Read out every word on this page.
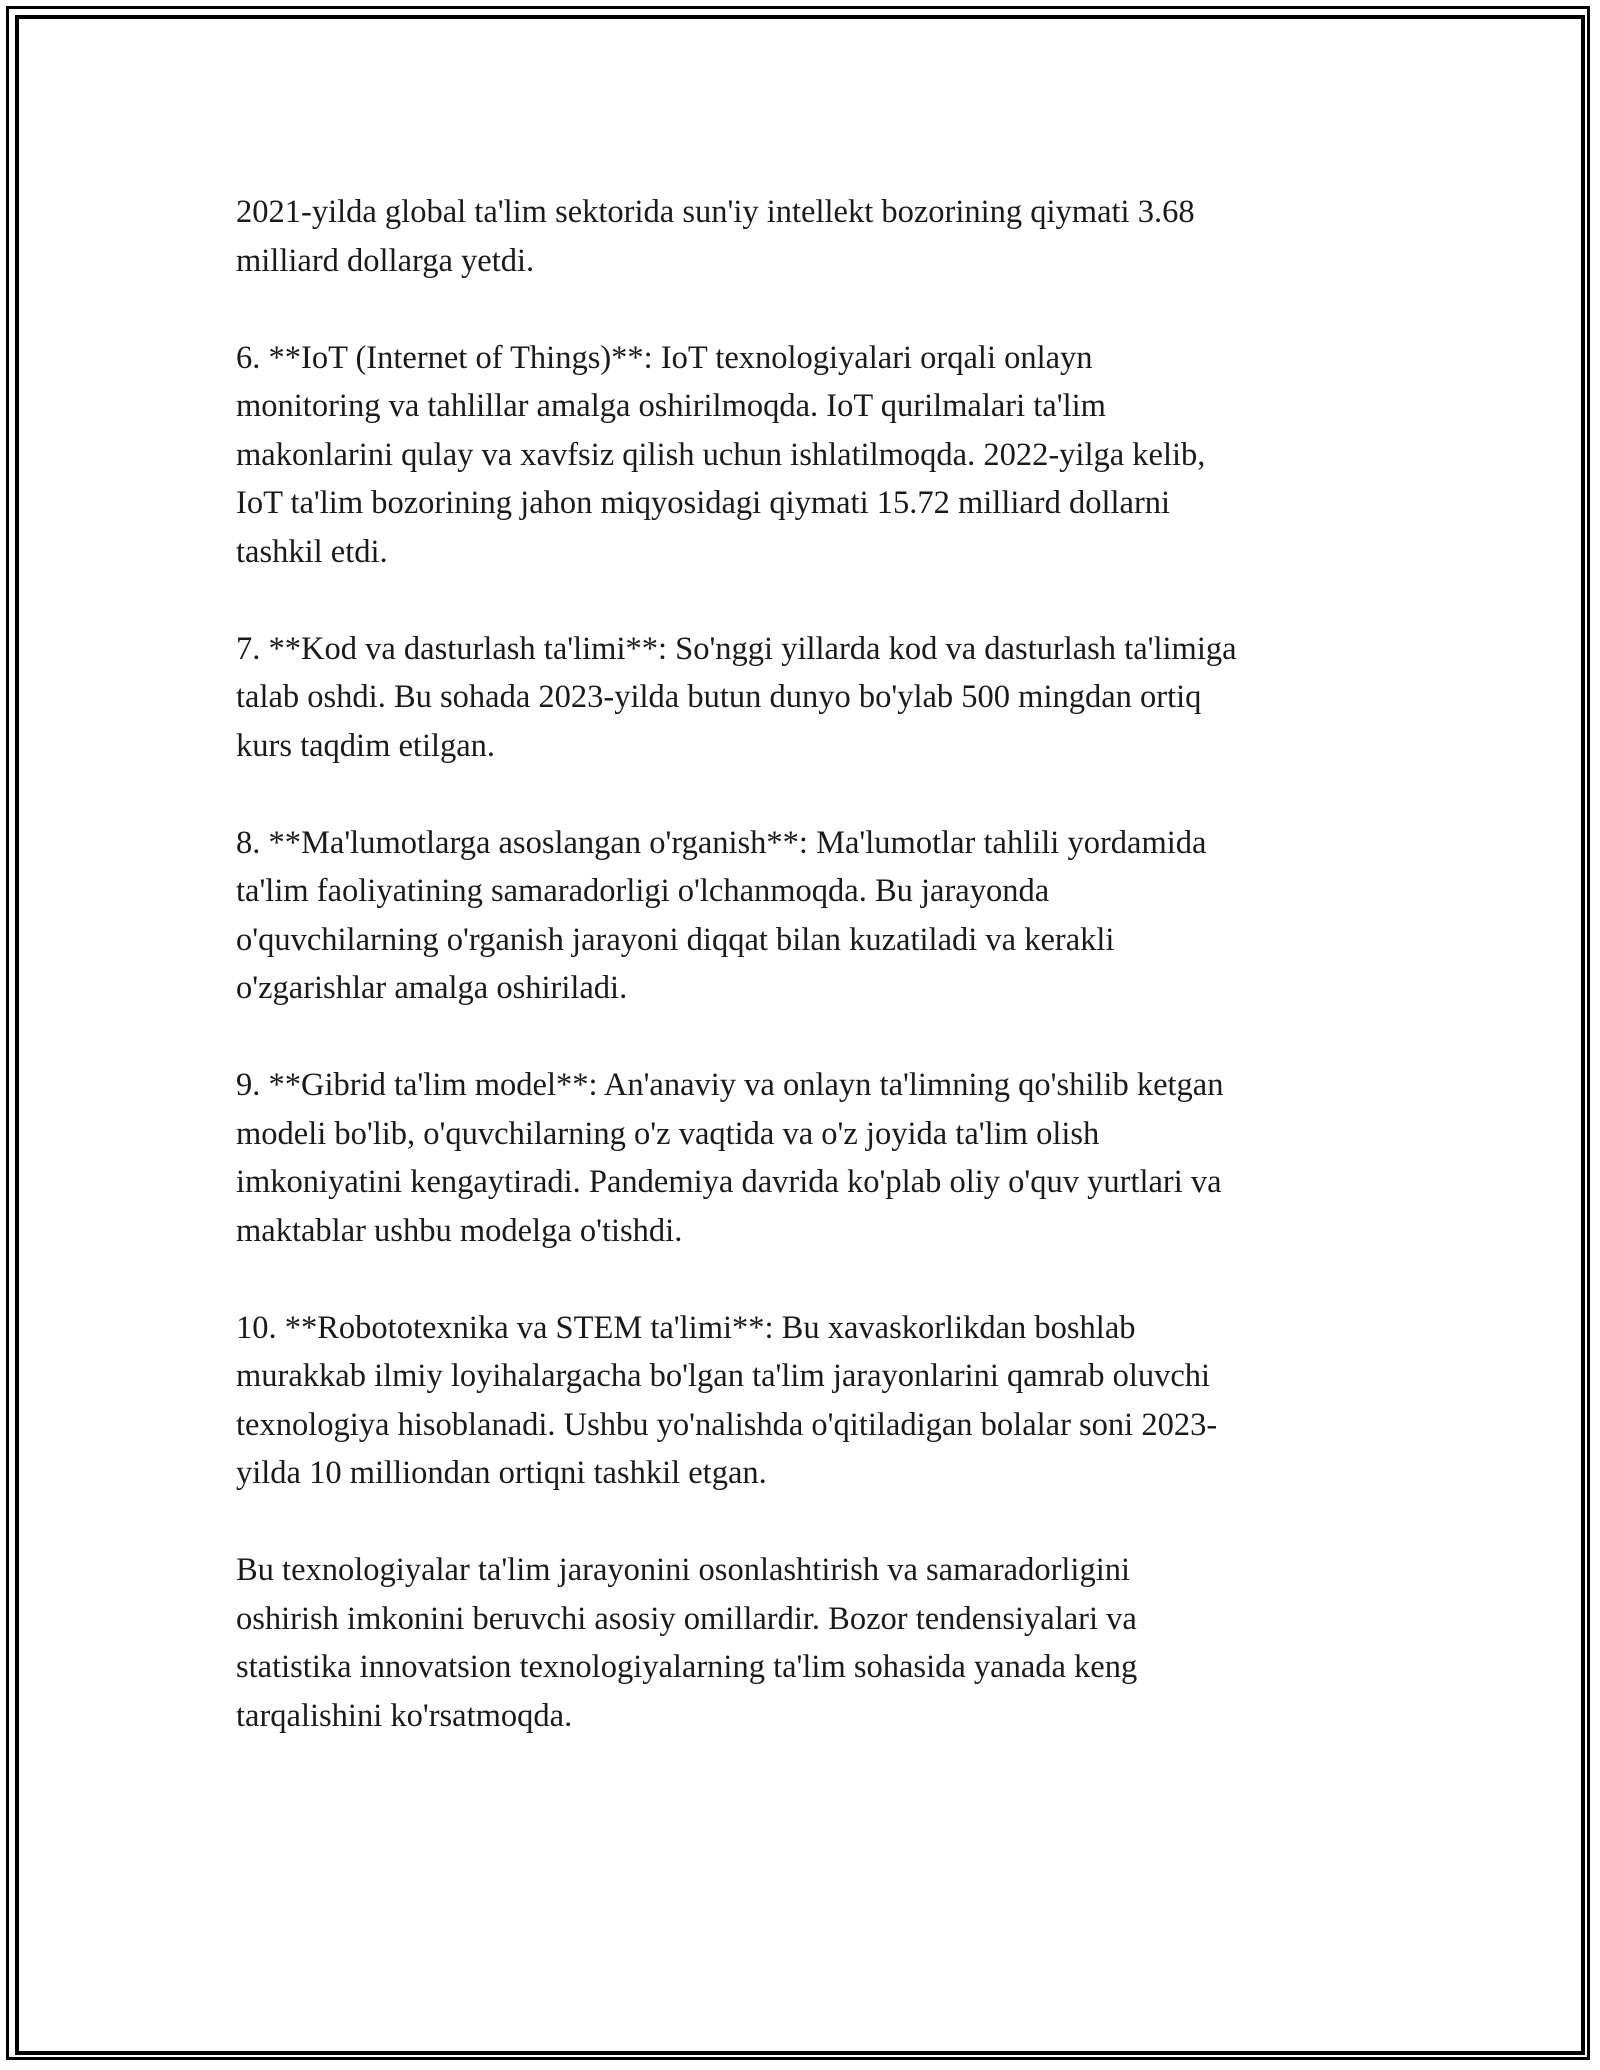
2021-yilda global ta'lim sektorida sun'iy intellekt bozorining qiymati 3.68
milliard dollarga yetdi.

6. **IoT (Internet of Things)**: IoT texnologiyalari orqali onlayn
monitoring va tahlillar amalga oshirilmoqda. IoT qurilmalari ta'lim
makonlarini qulay va xavfsiz qilish uchun ishlatilmoqda. 2022-yilga kelib,
IoT ta'lim bozorining jahon miqyosidagi qiymati 15.72 milliard dollarni
tashkil etdi.

7. **Kod va dasturlash ta'limi**: So'nggi yillarda kod va dasturlash ta'limiga
talab oshdi. Bu sohada 2023-yilda butun dunyo bo'ylab 500 mingdan ortiq
kurs taqdim etilgan.

8. **Ma'lumotlarga asoslangan o'rganish**: Ma'lumotlar tahlili yordamida
ta'lim faoliyatining samaradorligi o'lchanmoqda. Bu jarayonda
o'quvchilarning o'rganish jarayoni diqqat bilan kuzatiladi va kerakli
o'zgarishlar amalga oshiriladi.

9. **Gibrid ta'lim model**: An'anaviy va onlayn ta'limning qo'shilib ketgan
modeli bo'lib, o'quvchilarning o'z vaqtida va o'z joyida ta'lim olish
imkoniyatini kengaytiradi. Pandemiya davrida ko'plab oliy o'quv yurtlari va
maktablar ushbu modelga o'tishdi.

10. **Robototexnika va STEM ta'limi**: Bu xavaskorlikdan boshlab
murakkab ilmiy loyihalargacha bo'lgan ta'lim jarayonlarini qamrab oluvchi
texnologiya hisoblanadi. Ushbu yo'nalishda o'qitiladigan bolalar soni 2023-
yilda 10 milliondan ortiqni tashkil etgan.

Bu texnologiyalar ta'lim jarayonini osonlashtirish va samaradorligini
oshirish imkonini beruvchi asosiy omillardir. Bozor tendensiyalari va
statistika innovatsion texnologiyalarning ta'lim sohasida yanada keng
tarqalishini ko'rsatmoqda.
